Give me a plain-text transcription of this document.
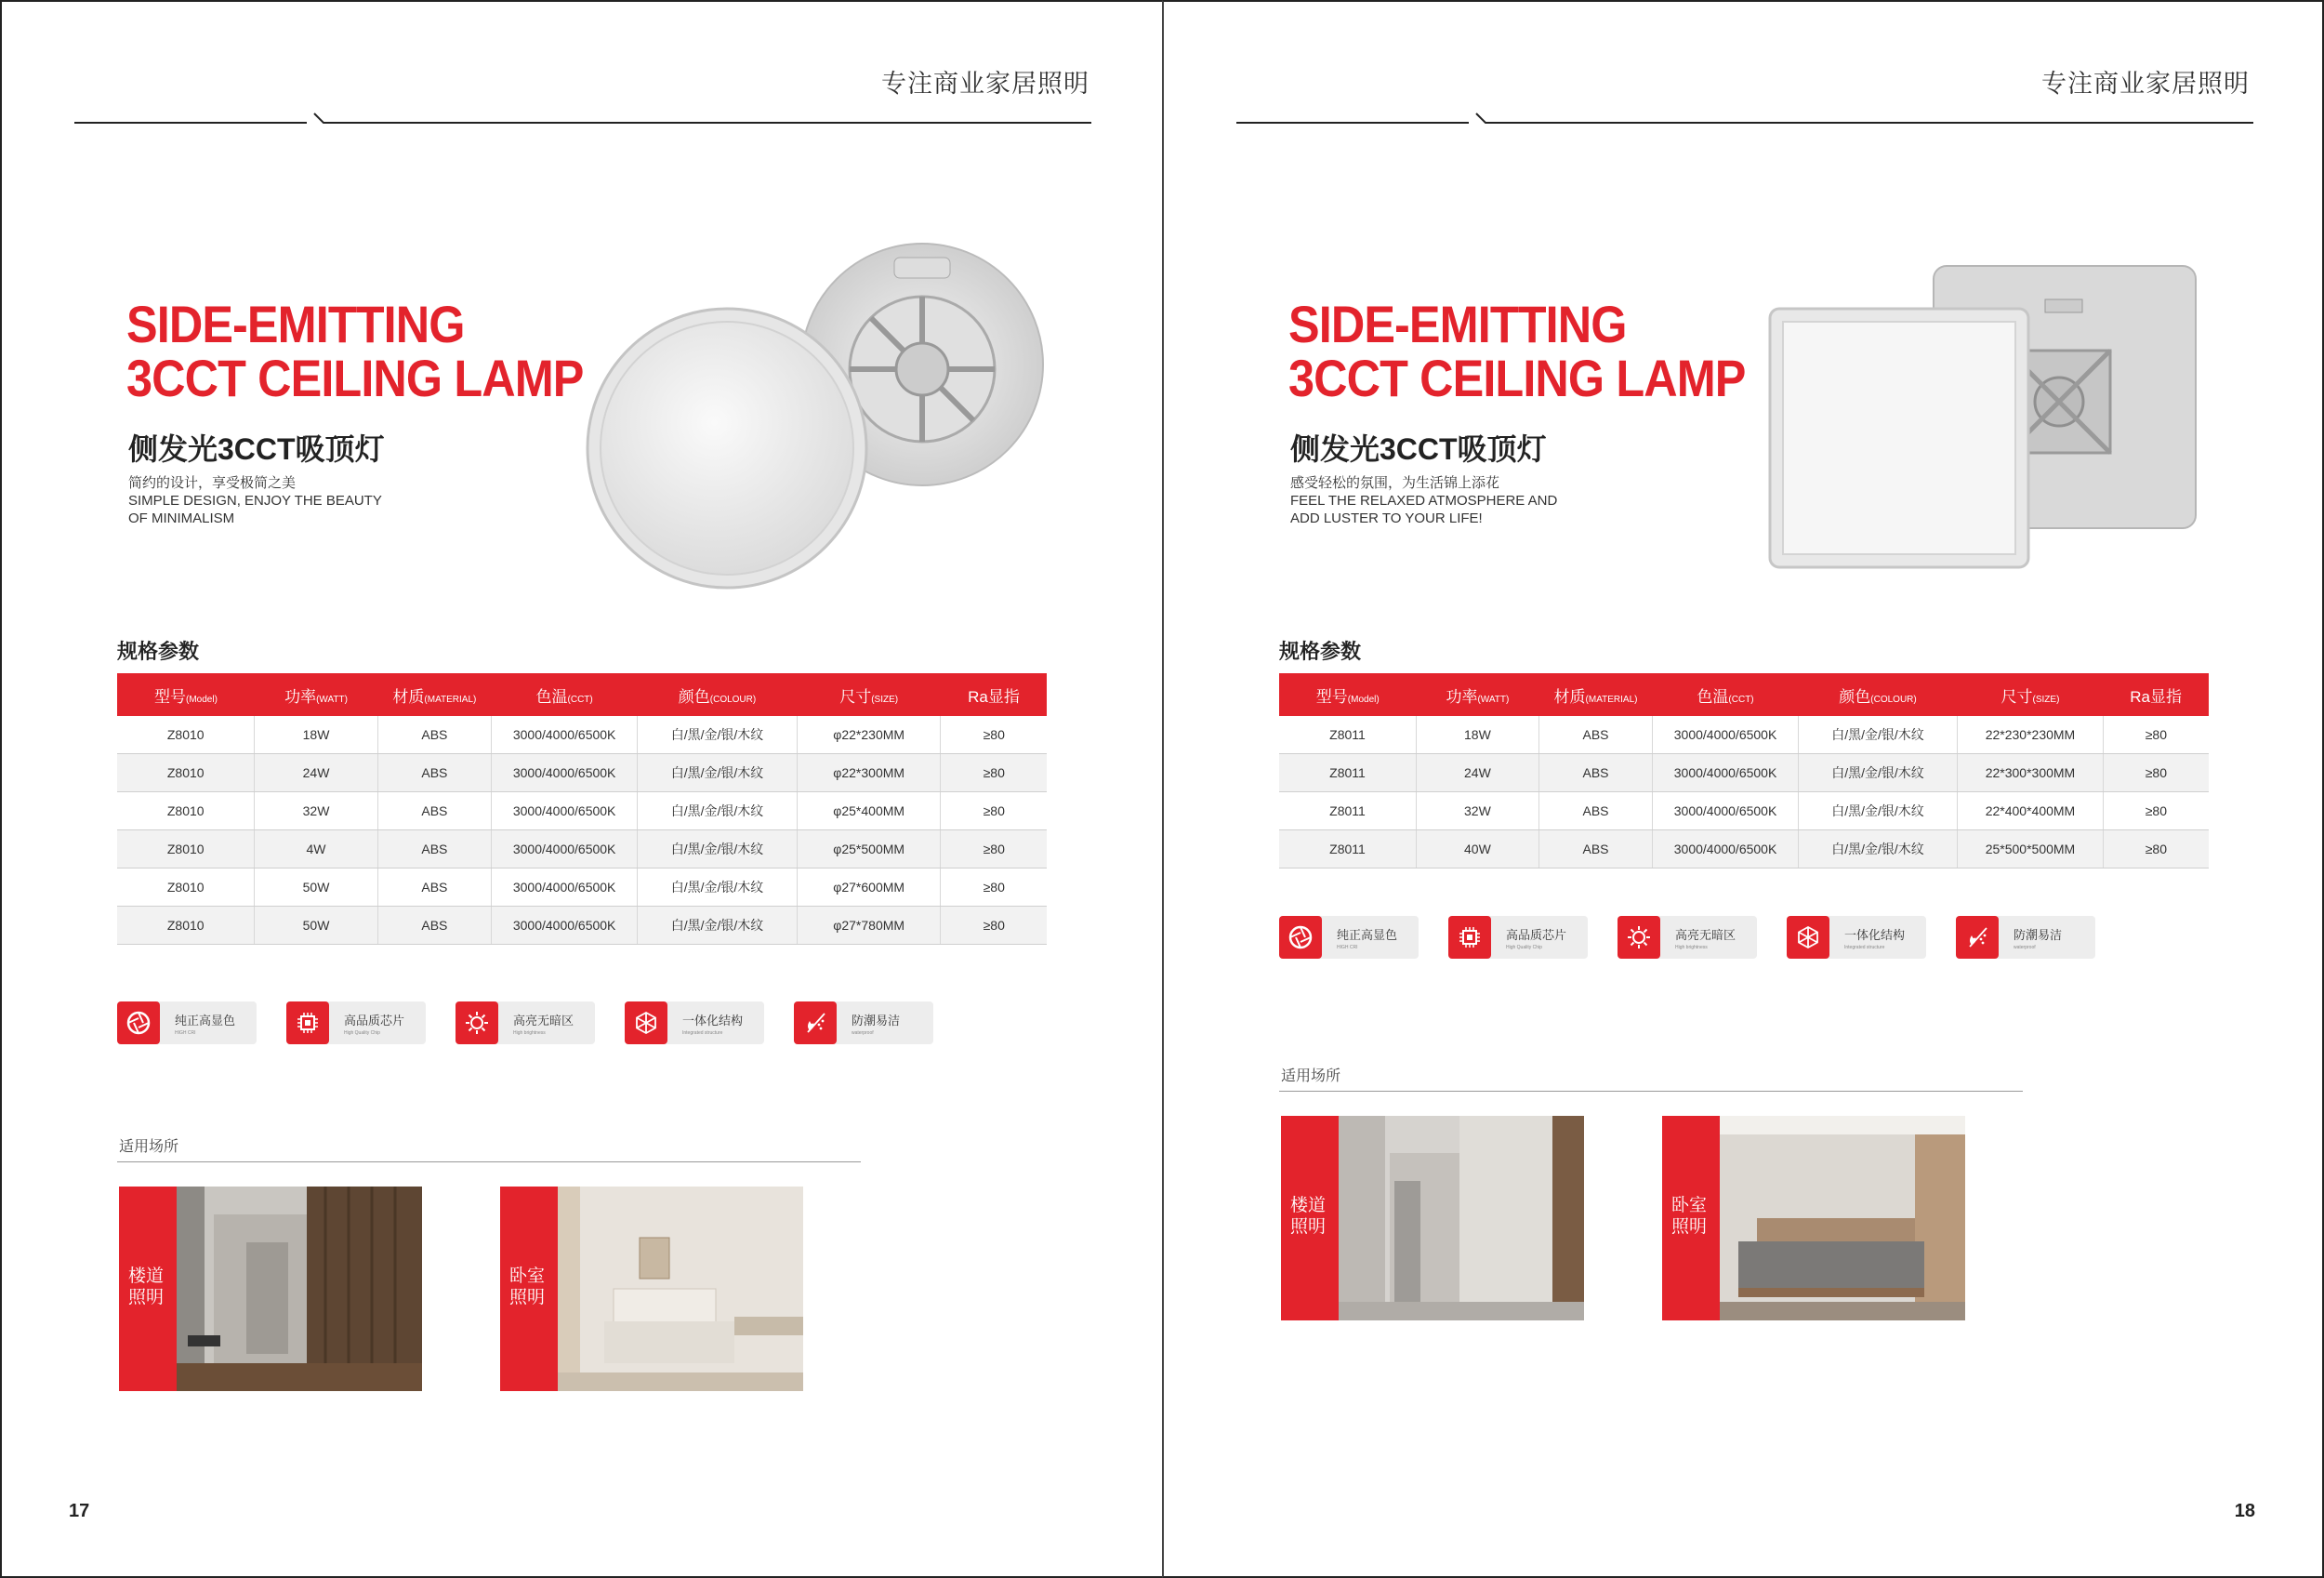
专注商业家居照明
SIDE-EMITTING
3CCT CEILING LAMP
侧发光3CCT吸顶灯
简约的设计，享受极简之美
SIMPLE DESIGN, ENJOY THE BEAUTY
OF MINIMALISM
规格参数
型号(Model)	功率(WATT)	材质(MATERIAL)	色温(CCT)	颜色(COLOUR)	尺寸(SIZE)	Ra显指
Z8010	18W	ABS	3000/4000/6500K	白/黑/金/银/木纹	φ22*230MM	≥80
Z8010	24W	ABS	3000/4000/6500K	白/黑/金/银/木纹	φ22*300MM	≥80
Z8010	32W	ABS	3000/4000/6500K	白/黑/金/银/木纹	φ25*400MM	≥80
Z8010	4W	ABS	3000/4000/6500K	白/黑/金/银/木纹	φ25*500MM	≥80
Z8010	50W	ABS	3000/4000/6500K	白/黑/金/银/木纹	φ27*600MM	≥80
Z8010	50W	ABS	3000/4000/6500K	白/黑/金/银/木纹	φ27*780MM	≥80
纯正高显色
HIGH CRI
高品质芯片
High Quality Chip
高亮无暗区
High brightness
一体化结构
Integrated structure
防潮易洁
waterproof
适用场所
楼道照明
卧室照明
17
专注商业家居照明
SIDE-EMITTING
3CCT CEILING LAMP
侧发光3CCT吸顶灯
感受轻松的氛围，为生活锦上添花
FEEL THE RELAXED ATMOSPHERE AND
ADD LUSTER TO YOUR LIFE!
规格参数
型号(Model)	功率(WATT)	材质(MATERIAL)	色温(CCT)	颜色(COLOUR)	尺寸(SIZE)	Ra显指
Z8011	18W	ABS	3000/4000/6500K	白/黑/金/银/木纹	22*230*230MM	≥80
Z8011	24W	ABS	3000/4000/6500K	白/黑/金/银/木纹	22*300*300MM	≥80
Z8011	32W	ABS	3000/4000/6500K	白/黑/金/银/木纹	22*400*400MM	≥80
Z8011	40W	ABS	3000/4000/6500K	白/黑/金/银/木纹	25*500*500MM	≥80
纯正高显色
HIGH CRI
高品质芯片
High Quality Chip
高亮无暗区
High brightness
一体化结构
Integrated structure
防潮易洁
waterproof
适用场所
楼道照明
卧室照明
18
